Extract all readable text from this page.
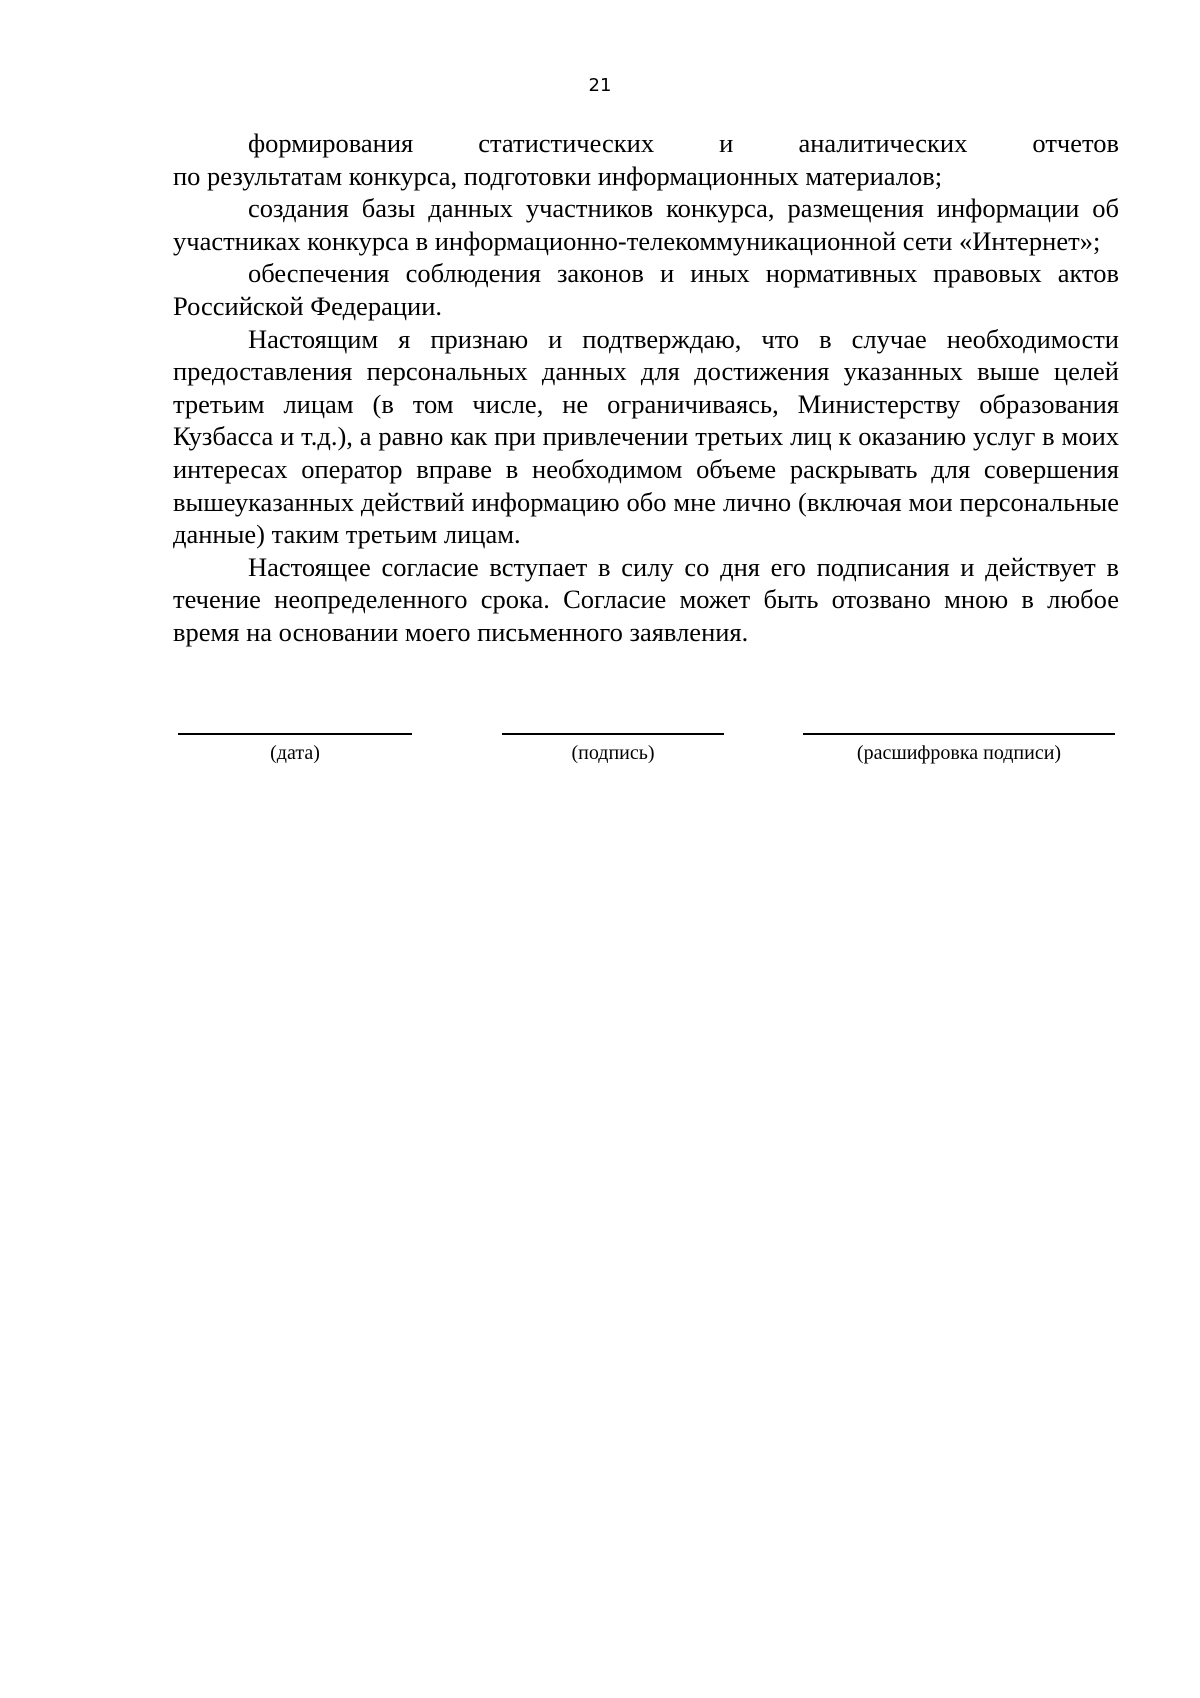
21

формирования статистических и аналитических отчетов

по результатам конкурса, подготовки информационных материалов;

создания базы данных участников конкурса, размещения информации об участниках конкурса в информационно-телекоммуникационной сети «Интернет»;

обеспечения соблюдения законов и иных нормативных правовых актов Российской Федерации.

Настоящим я признаю и подтверждаю, что в случае необходимости предоставления персональных данных для достижения указанных выше целей третьим лицам (в том числе, не ограничиваясь, Министерству образования Кузбасса и т.д.), а равно как при привлечении третьих лиц к оказанию услуг в моих интересах оператор вправе в необходимом объеме раскрывать для совершения вышеуказанных действий информацию обо мне лично (включая мои персональные данные) таким третьим лицам.

Настоящее согласие вступает в силу со дня его подписания и действует в течение неопределенного срока. Согласие может быть отозвано мною в любое время на основании моего письменного заявления.

(дата)	(подпись)	(расшифровка подписи)
